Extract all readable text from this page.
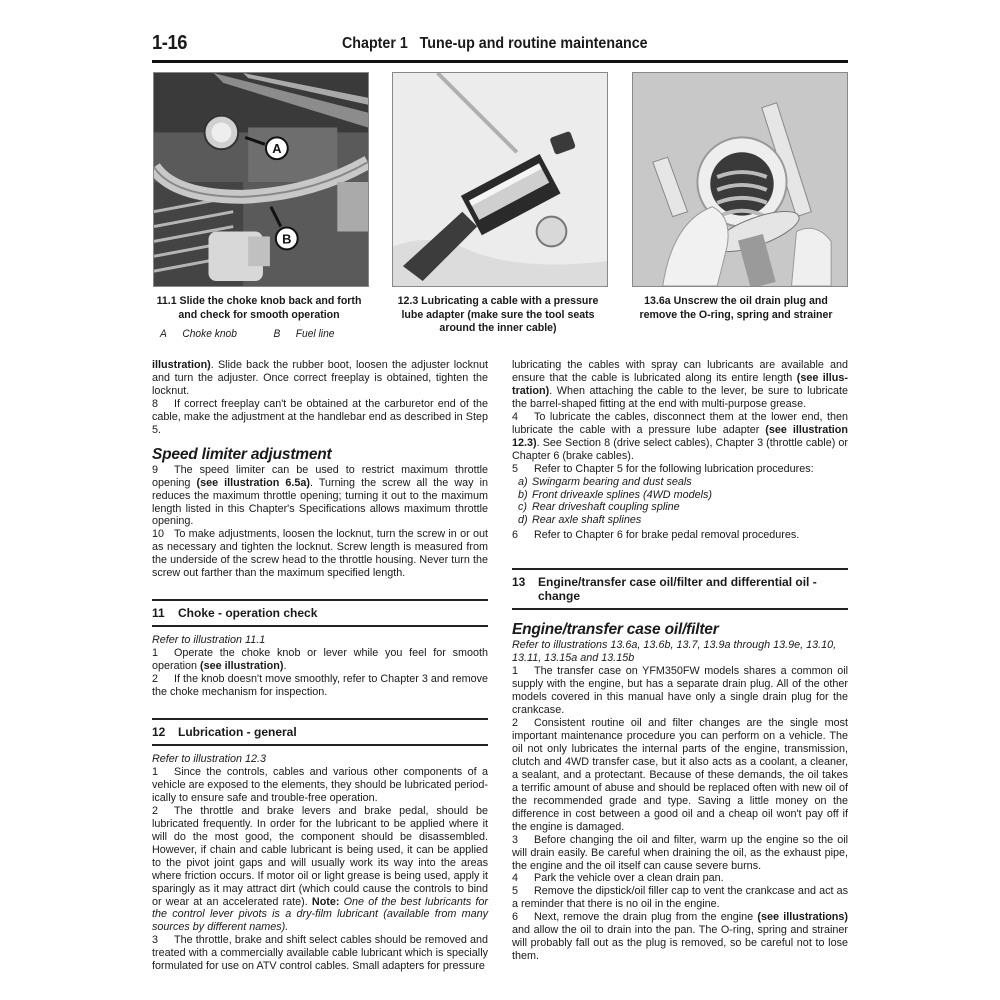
1-16	Chapter 1   Tune-up and routine maintenance
A
B
11.1 Slide the choke knob back and forth and check for smooth operation
12.3 Lubricating a cable with a pressure lube adapter (make sure the tool seats around the inner cable)
13.6a Unscrew the oil drain plug and remove the O-ring, spring and strainer
A Choke knob	B Fuel line

illustration). Slide back the rubber boot, loosen the adjuster locknut and turn the adjuster. Once correct freeplay is obtained, tighten the locknut.

8 If correct freeplay can't be obtained at the carburetor end of the cable, make the adjustment at the handlebar end as described in Step 5.

Speed limiter adjustment

9 The speed limiter can be used to restrict maximum throttle opening (see illustration 6.5a). Turning the screw all the way in reduces the maximum throttle opening; turning it out to the maximum length listed in this Chapter's Specifications allows maximum throttle opening.

10 To make adjustments, loosen the locknut, turn the screw in or out as necessary and tighten the locknut. Screw length is measured from the underside of the screw head to the throttle housing. Never turn the screw out farther than the maximum specified length.

11	Choke - operation check

Refer to illustration 11.1

1 Operate the choke knob or lever while you feel for smooth operation (see illustration).

2 If the knob doesn't move smoothly, refer to Chapter 3 and remove the choke mechanism for inspection.

12	Lubrication - general

Refer to illustration 12.3

1 Since the controls, cables and various other components of a vehicle are exposed to the elements, they should be lubricated period-ically to ensure safe and trouble-free operation.

2 The throttle and brake levers and brake pedal, should be lubricated frequently. In order for the lubricant to be applied where it will do the most good, the component should be disassembled. However, if chain and cable lubricant is being used, it can be applied to the pivot joint gaps and will usually work its way into the areas where friction occurs. If motor oil or light grease is being used, apply it sparingly as it may attract dirt (which could cause the controls to bind or wear at an accelerated rate). Note: One of the best lubricants for the control lever pivots is a dry-film lubricant (available from many sources by different names).

3 The throttle, brake and shift select cables should be removed and treated with a commercially available cable lubricant which is specially formulated for use on ATV control cables. Small adapters for pressure

lubricating the cables with spray can lubricants are available and ensure that the cable is lubricated along its entire length (see illus-tration). When attaching the cable to the lever, be sure to lubricate the barrel-shaped fitting at the end with multi-purpose grease.

4 To lubricate the cables, disconnect them at the lower end, then lubricate the cable with a pressure lube adapter (see illustration 12.3). See Section 8 (drive select cables), Chapter 3 (throttle cable) or Chapter 6 (brake cables).

5 Refer to Chapter 5 for the following lubrication procedures:

a) Swingarm bearing and dust seals
b) Front driveaxle splines (4WD models)
c) Rear driveshaft coupling spline
d) Rear axle shaft splines

6 Refer to Chapter 6 for brake pedal removal procedures.

13	Engine/transfer case oil/filter and differential oil - change
Engine/transfer case oil/filter

Refer to illustrations 13.6a, 13.6b, 13.7, 13.9a through 13.9e, 13.10, 13.11, 13.15a and 13.15b

1 The transfer case on YFM350FW models shares a common oil supply with the engine, but has a separate drain plug. All of the other models covered in this manual have only a single drain plug for the crankcase.

2 Consistent routine oil and filter changes are the single most important maintenance procedure you can perform on a vehicle. The oil not only lubricates the internal parts of the engine, transmission, clutch and 4WD transfer case, but it also acts as a coolant, a cleaner, a sealant, and a protectant. Because of these demands, the oil takes a terrific amount of abuse and should be replaced often with new oil of the recommended grade and type. Saving a little money on the difference in cost between a good oil and a cheap oil won't pay off if the engine is damaged.

3 Before changing the oil and filter, warm up the engine so the oil will drain easily. Be careful when draining the oil, as the exhaust pipe, the engine and the oil itself can cause severe burns.

4 Park the vehicle over a clean drain pan.

5 Remove the dipstick/oil filler cap to vent the crankcase and act as a reminder that there is no oil in the engine.

6 Next, remove the drain plug from the engine (see illustrations) and allow the oil to drain into the pan. The O-ring, spring and strainer will probably fall out as the plug is removed, so be careful not to lose them.
